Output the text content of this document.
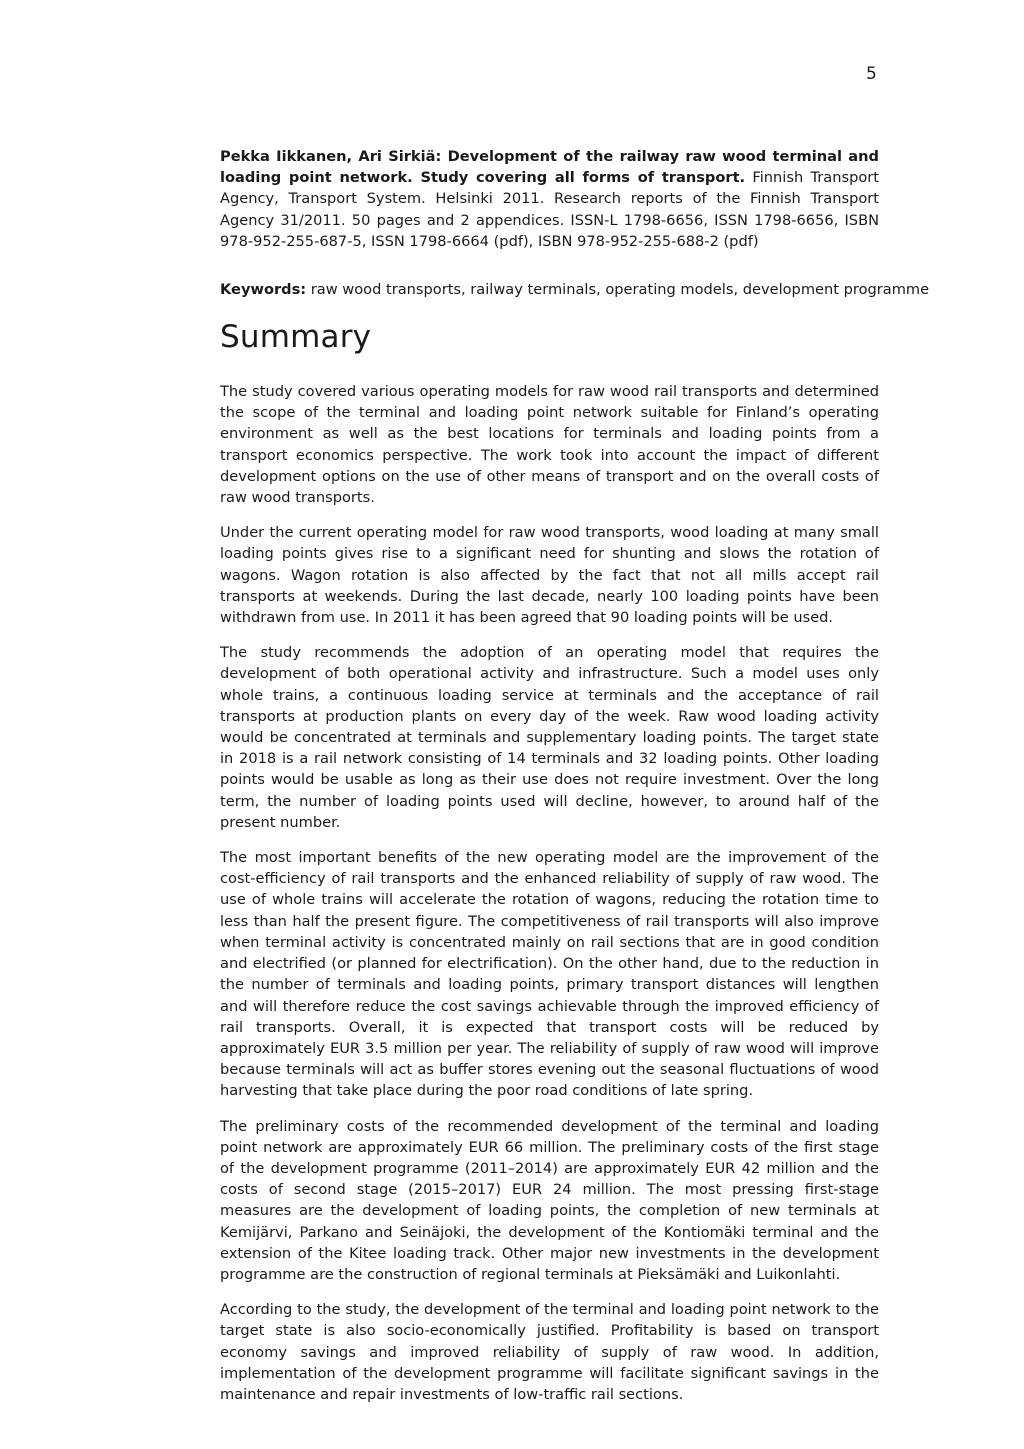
5

Pekka Iikkanen, Ari Sirkiä: Development of the railway raw wood terminal and loading point network. Study covering all forms of transport. Finnish Transport Agency, Transport System. Helsinki 2011. Research reports of the Finnish Transport Agency 31/2011. 50 pages and 2 appendices. ISSN-L 1798-6656, ISSN 1798-6656, ISBN 978-952-255-687-5, ISSN 1798-6664 (pdf), ISBN 978-952-255-688-2 (pdf)

Keywords: raw wood transports, railway terminals, operating models, development programme

Summary

The study covered various operating models for raw wood rail transports and determined the scope of the terminal and loading point network suitable for Finland’s operating environment as well as the best locations for terminals and loading points from a transport economics perspective. The work took into account the impact of different development options on the use of other means of transport and on the overall costs of raw wood transports.

Under the current operating model for raw wood transports, wood loading at many small loading points gives rise to a significant need for shunting and slows the rotation of wagons. Wagon rotation is also affected by the fact that not all mills accept rail transports at weekends. During the last decade, nearly 100 loading points have been withdrawn from use. In 2011 it has been agreed that 90 loading points will be used.

The study recommends the adoption of an operating model that requires the development of both operational activity and infrastructure. Such a model uses only whole trains, a continuous loading service at terminals and the acceptance of rail transports at production plants on every day of the week. Raw wood loading activity would be concentrated at terminals and supplementary loading points. The target state in 2018 is a rail network consisting of 14 terminals and 32 loading points. Other loading points would be usable as long as their use does not require investment. Over the long term, the number of loading points used will decline, however, to around half of the present number.

The most important benefits of the new operating model are the improvement of the cost-efficiency of rail transports and the enhanced reliability of supply of raw wood. The use of whole trains will accelerate the rotation of wagons, reducing the rotation time to less than half the present figure. The competitiveness of rail transports will also improve when terminal activity is concentrated mainly on rail sections that are in good condition and electrified (or planned for electrification). On the other hand, due to the reduction in the number of terminals and loading points, primary transport distances will lengthen and will therefore reduce the cost savings achievable through the improved efficiency of rail transports. Overall, it is expected that transport costs will be reduced by approximately EUR 3.5 million per year. The reliability of supply of raw wood will improve because terminals will act as buffer stores evening out the seasonal fluctuations of wood harvesting that take place during the poor road conditions of late spring.

The preliminary costs of the recommended development of the terminal and loading point network are approximately EUR 66 million. The preliminary costs of the first stage of the development programme (2011–2014) are approximately EUR 42 million and the costs of second stage (2015–2017) EUR 24 million. The most pressing first-stage measures are the development of loading points, the completion of new terminals at Kemijärvi, Parkano and Seinäjoki, the development of the Kontiomäki terminal and the extension of the Kitee loading track. Other major new investments in the development programme are the construction of regional terminals at Pieksämäki and Luikonlahti.

According to the study, the development of the terminal and loading point network to the target state is also socio-economically justified. Profitability is based on transport economy savings and improved reliability of supply of raw wood. In addition, implementation of the development programme will facilitate significant savings in the maintenance and repair investments of low-traffic rail sections.
